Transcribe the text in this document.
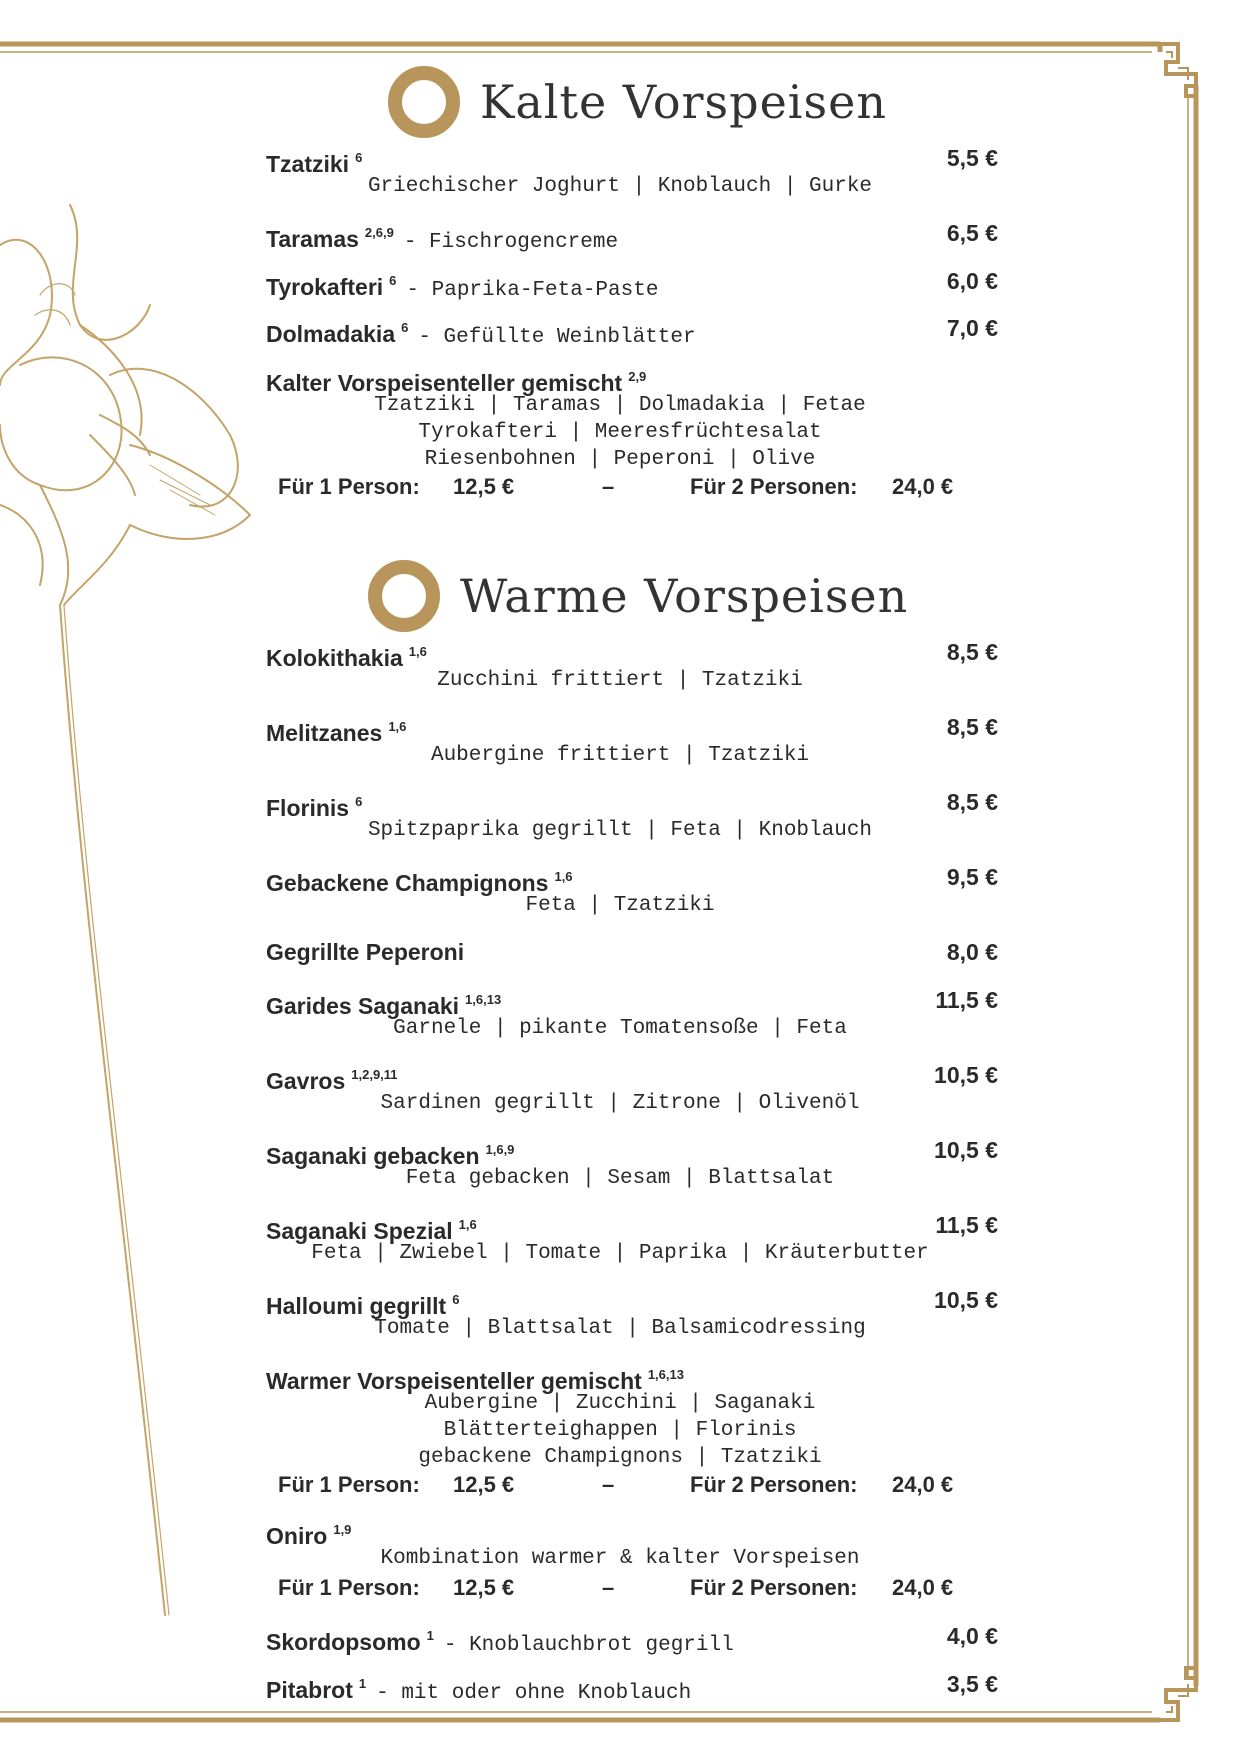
Kalte Vorspeisen
Tzatziki $^6$	5,5 €
Griechischer Joghurt | Knoblauch | Gurke
Taramas $^{2,6,9}$ - Fischrogencreme	6,5 €
Tyrokafteri $^6$ - Paprika-Feta-Paste	6,0 €
Dolmadakia $^6$ - Gefüllte Weinblätter	7,0 €
Kalter Vorspeisenteller gemischt $^{2,9}$
Tzatziki | Taramas | Dolmadakia | Fetae
Tyrokafteri | Meeresfrüchtesalat
Riesenbohnen | Peperoni | Olive
Für 1 Person: 12,5 €	–	Für 2 Personen: 24,0 €
Warme Vorspeisen
Kolokithakia $^{1,6}$	8,5 €
Zucchini frittiert | Tzatziki
Melitzanes $^{1,6}$	8,5 €
Aubergine frittiert | Tzatziki
Florinis $^6$	8,5 €
Spitzpaprika gegrillt | Feta | Knoblauch
Gebackene Champignons $^{1,6}$	9,5 €
Feta | Tzatziki
Gegrillte Peperoni	8,0 €
Garides Saganaki $^{1,6,13}$	11,5 €
Garnele | pikante Tomatensoße | Feta
Gavros $^{1,2,9,11}$	10,5 €
Sardinen gegrillt | Zitrone | Olivenöl
Saganaki gebacken $^{1,6,9}$	10,5 €
Feta gebacken | Sesam | Blattsalat
Saganaki Spezial $^{1,6}$	11,5 €
Feta | Zwiebel | Tomate | Paprika | Kräuterbutter
Halloumi gegrillt $^6$	10,5 €
Tomate | Blattsalat | Balsamicodressing
Warmer Vorspeisenteller gemischt $^{1,6,13}$
Aubergine | Zucchini | Saganaki
Blätterteighappen | Florinis
gebackene Champignons | Tzatziki
Für 1 Person: 12,5 €	–	Für 2 Personen: 24,0 €
Oniro $^{1,9}$
Kombination warmer & kalter Vorspeisen
Für 1 Person: 12,5 €	–	Für 2 Personen: 24,0 €
Skordopsomo $^1$ - Knoblauchbrot gegrill	4,0 €
Pitabrot $^1$ - mit oder ohne Knoblauch	3,5 €
